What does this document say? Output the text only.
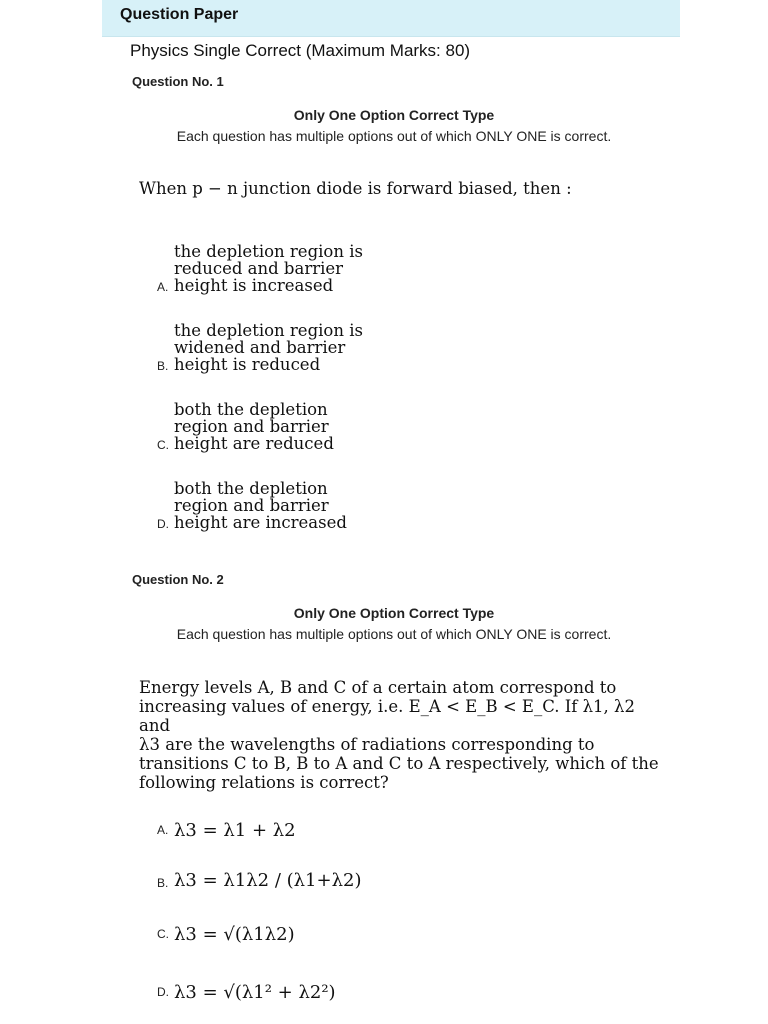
Question Paper
Physics Single Correct (Maximum Marks: 80)
Question No. 1
Only One Option Correct Type
Each question has multiple options out of which ONLY ONE is correct.
When p − n junction diode is forward biased, then :
A.
the depletion region is
reduced and barrier
height is increased
B.
the depletion region is
widened and barrier
height is reduced
C.
both the depletion
region and barrier
height are reduced
D.
both the depletion
region and barrier
height are increased
Question No. 2
Only One Option Correct Type
Each question has multiple options out of which ONLY ONE is correct.
Energy levels A, B and C of a certain atom correspond to
increasing values of energy, i.e. E_A < E_B < E_C. If λ1, λ2 and
λ3 are the wavelengths of radiations corresponding to
transitions C to B, B to A and C to A respectively, which of the
following relations is correct?
A. λ3 = λ1 + λ2
B. λ3 = λ1λ2 / (λ1+λ2)
C. λ3 = √(λ1λ2)
D. λ3 = √(λ1² + λ2²)
